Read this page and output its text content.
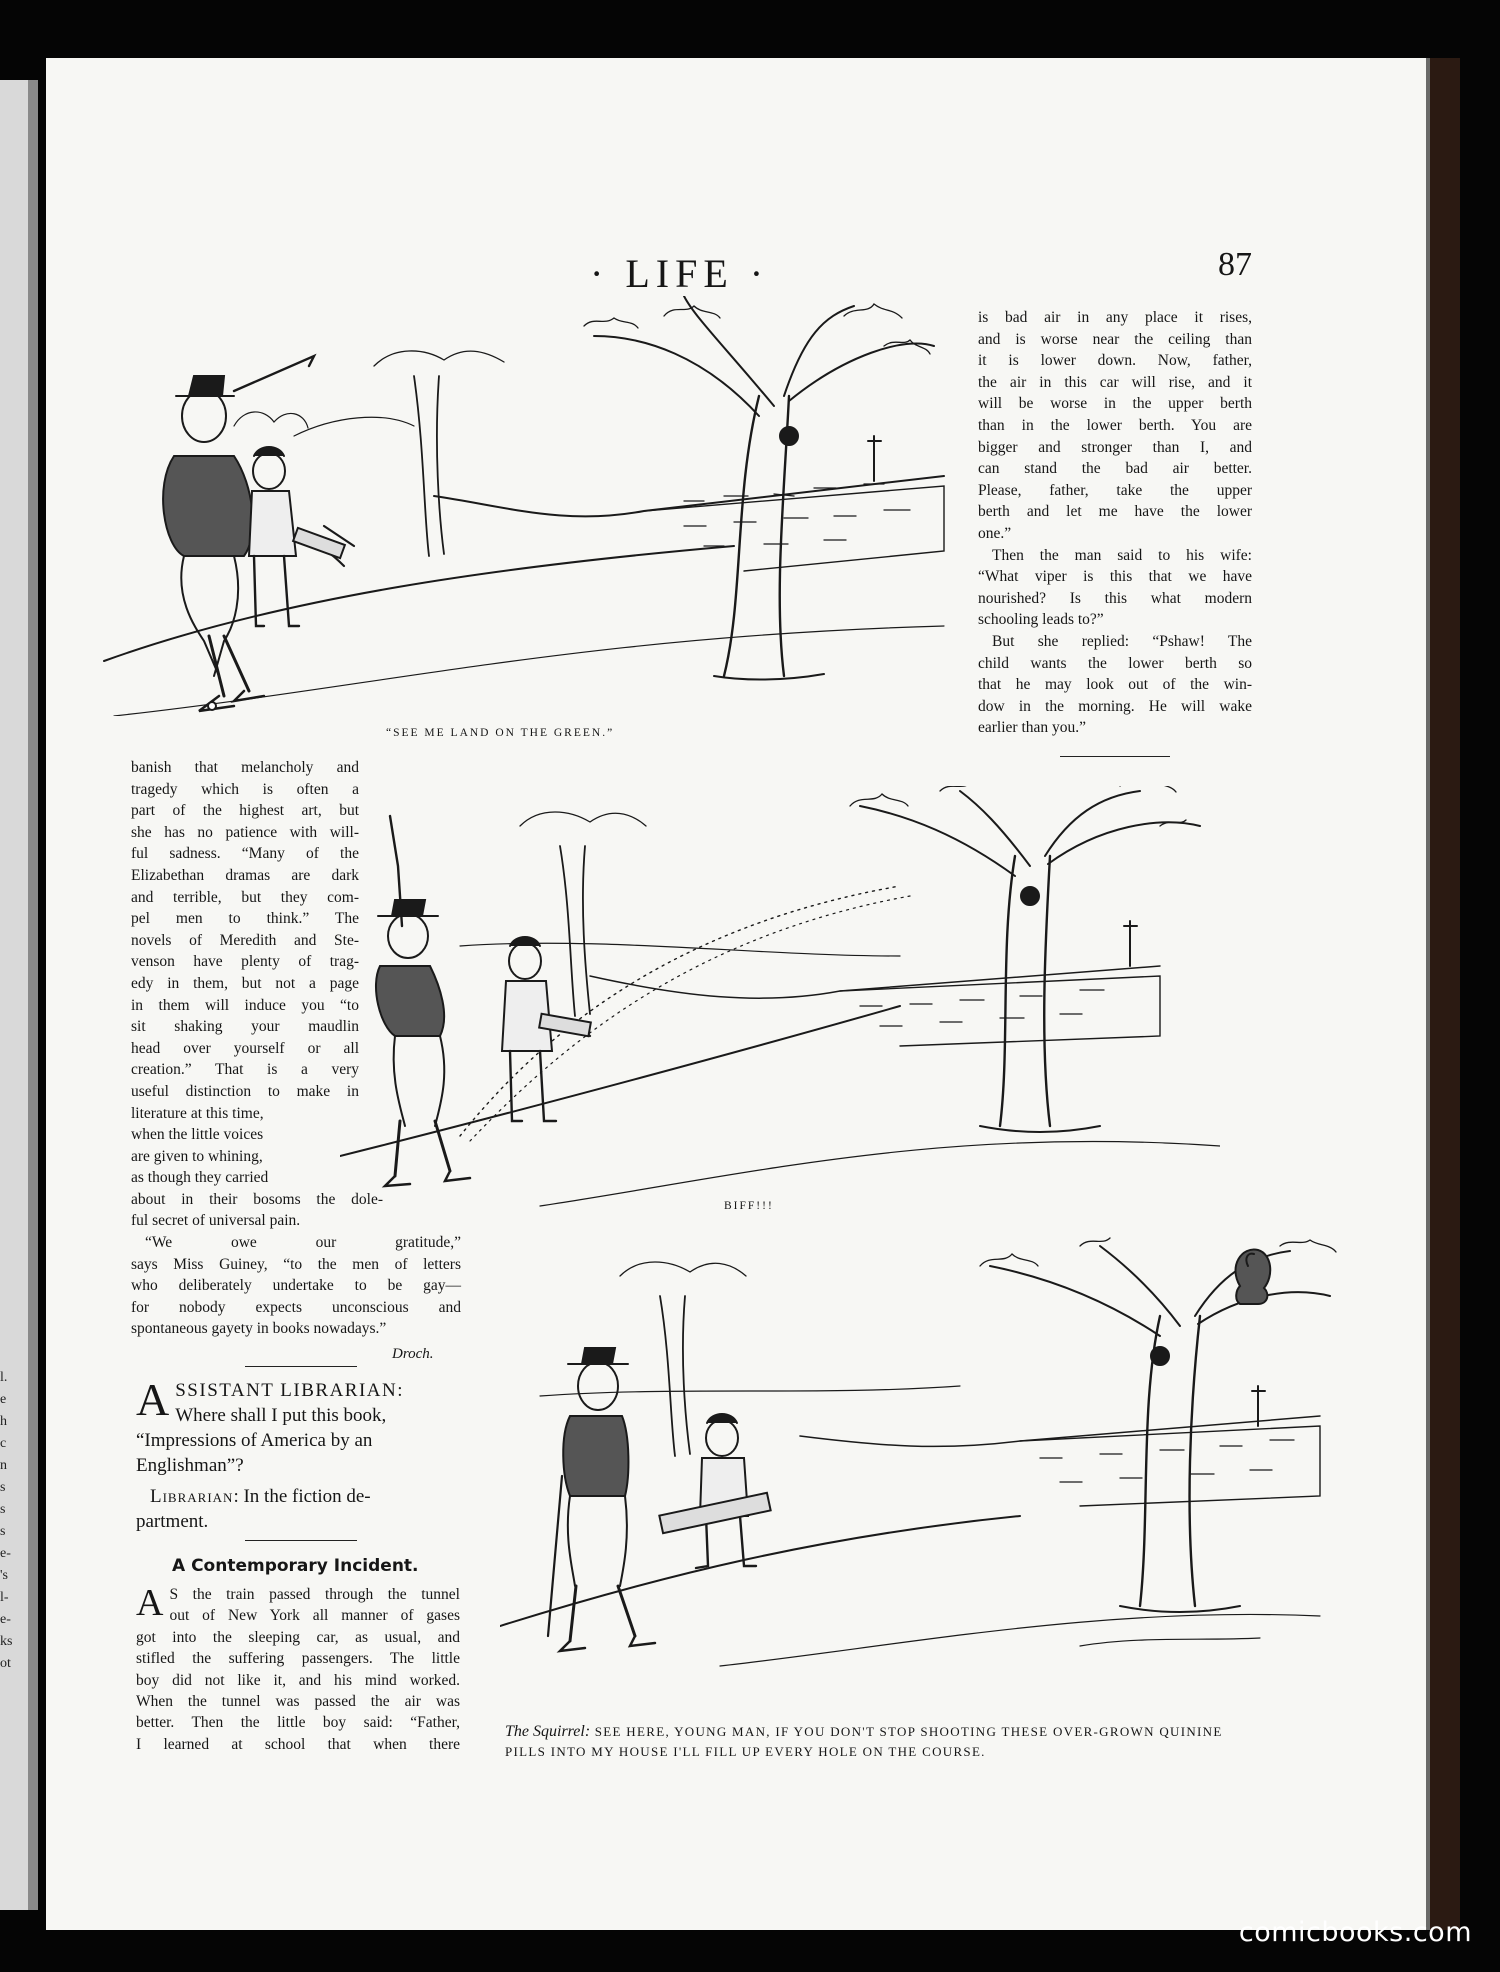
l.
e
h
c
n
s
s
s
e-
's
l-
e-
ks
ot
· LIFE ·	87
“SEE ME LAND ON THE GREEN.”
BIFF!!!
The Squirrel: SEE HERE, YOUNG MAN, IF YOU DON'T STOP SHOOTING THESE OVER-GROWN QUININE PILLS INTO MY HOUSE I'LL FILL UP EVERY HOLE ON THE COURSE.
is bad air in any place it rises,
and is worse near the ceiling than
it is lower down. Now, father,
the air in this car will rise, and it
will be worse in the upper berth
than in the lower berth. You are
bigger and stronger than I, and
can stand the bad air better.
Please, father, take the upper
berth and let me have the lower
one.”
Then the man said to his wife:
“What viper is this that we have
nourished? Is this what modern
schooling leads to?”
But she replied: “Pshaw! The
child wants the lower berth so
that he may look out of the win-
dow in the morning. He will wake
earlier than you.”
banish that melancholy and
tragedy which is often a
part of the highest art, but
she has no patience with will-
ful sadness. “Many of the
Elizabethan dramas are dark
and terrible, but they com-
pel men to think.” The
novels of Meredith and Ste-
venson have plenty of trag-
edy in them, but not a page
in them will induce you “to
sit shaking your maudlin
head over yourself or all
creation.” That is a very
useful distinction to make in
literature at this time,
when the little voices
are given to whining,
as though they carried
about in their bosoms the dole-
ful secret of universal pain.
“We owe our gratitude,”
says Miss Guiney, “to the men of letters
who deliberately undertake to be gay—
for nobody expects unconscious and
spontaneous gayety in books nowadays.”
Droch.
ASSISTANT LIBRARIAN:
Where shall I put this book,
“Impressions of America by an
Englishman”?
Librarian: In the fiction de-
partment.
A Contemporary Incident.
A S the train passed through the tunnel
out of New York all manner of gases
got into the sleeping car, as usual, and
stifled the suffering passengers. The little
boy did not like it, and his mind worked.
When the tunnel was passed the air was
better. Then the little boy said: “Father,
I learned at school that when there
comicbooks.com
